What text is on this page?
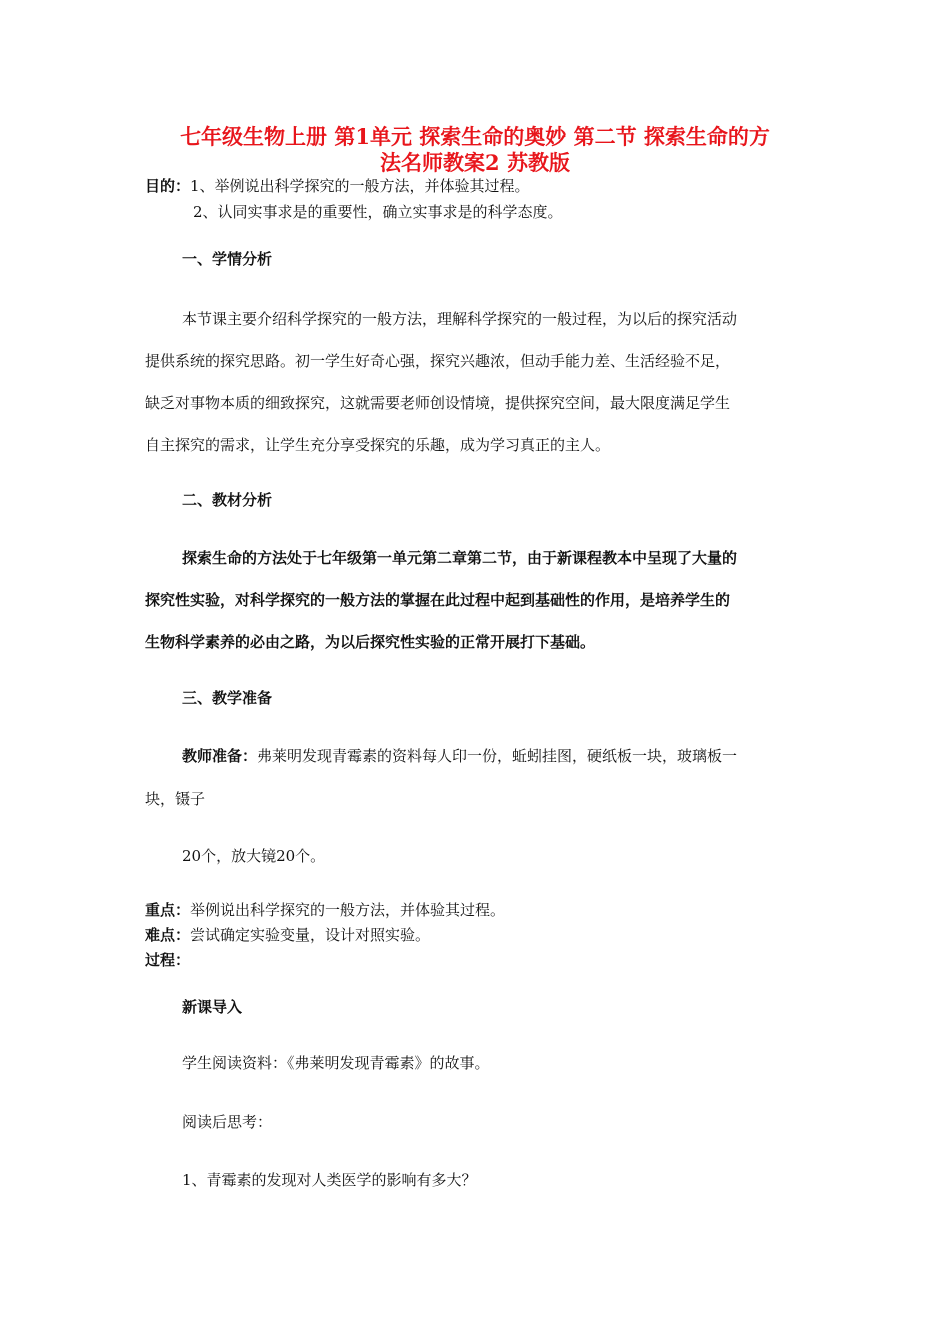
七年级生物上册 第1单元 探索生命的奥妙 第二节 探索生命的方
法名师教案2 苏教版
目的：1、举例说出科学探究的一般方法，并体验其过程。
2、认同实事求是的重要性，确立实事求是的科学态度。
一、学情分析
本节课主要介绍科学探究的一般方法，理解科学探究的一般过程，为以后的探究活动
提供系统的探究思路。初一学生好奇心强，探究兴趣浓，但动手能力差、生活经验不足，
缺乏对事物本质的细致探究，这就需要老师创设情境，提供探究空间，最大限度满足学生
自主探究的需求，让学生充分享受探究的乐趣，成为学习真正的主人。
二、教材分析
探索生命的方法处于七年级第一单元第二章第二节，由于新课程教本中呈现了大量的
探究性实验，对科学探究的一般方法的掌握在此过程中起到基础性的作用，是培养学生的
生物科学素养的必由之路，为以后探究性实验的正常开展打下基础。
三、教学准备
教师准备：弗莱明发现青霉素的资料每人印一份，蚯蚓挂图，硬纸板一块，玻璃板一
块，镊子
20个，放大镜20个。
重点：举例说出科学探究的一般方法，并体验其过程。
难点：尝试确定实验变量，设计对照实验。
过程：
新课导入
学生阅读资料：《弗莱明发现青霉素》的故事。
阅读后思考：
1、青霉素的发现对人类医学的影响有多大？
